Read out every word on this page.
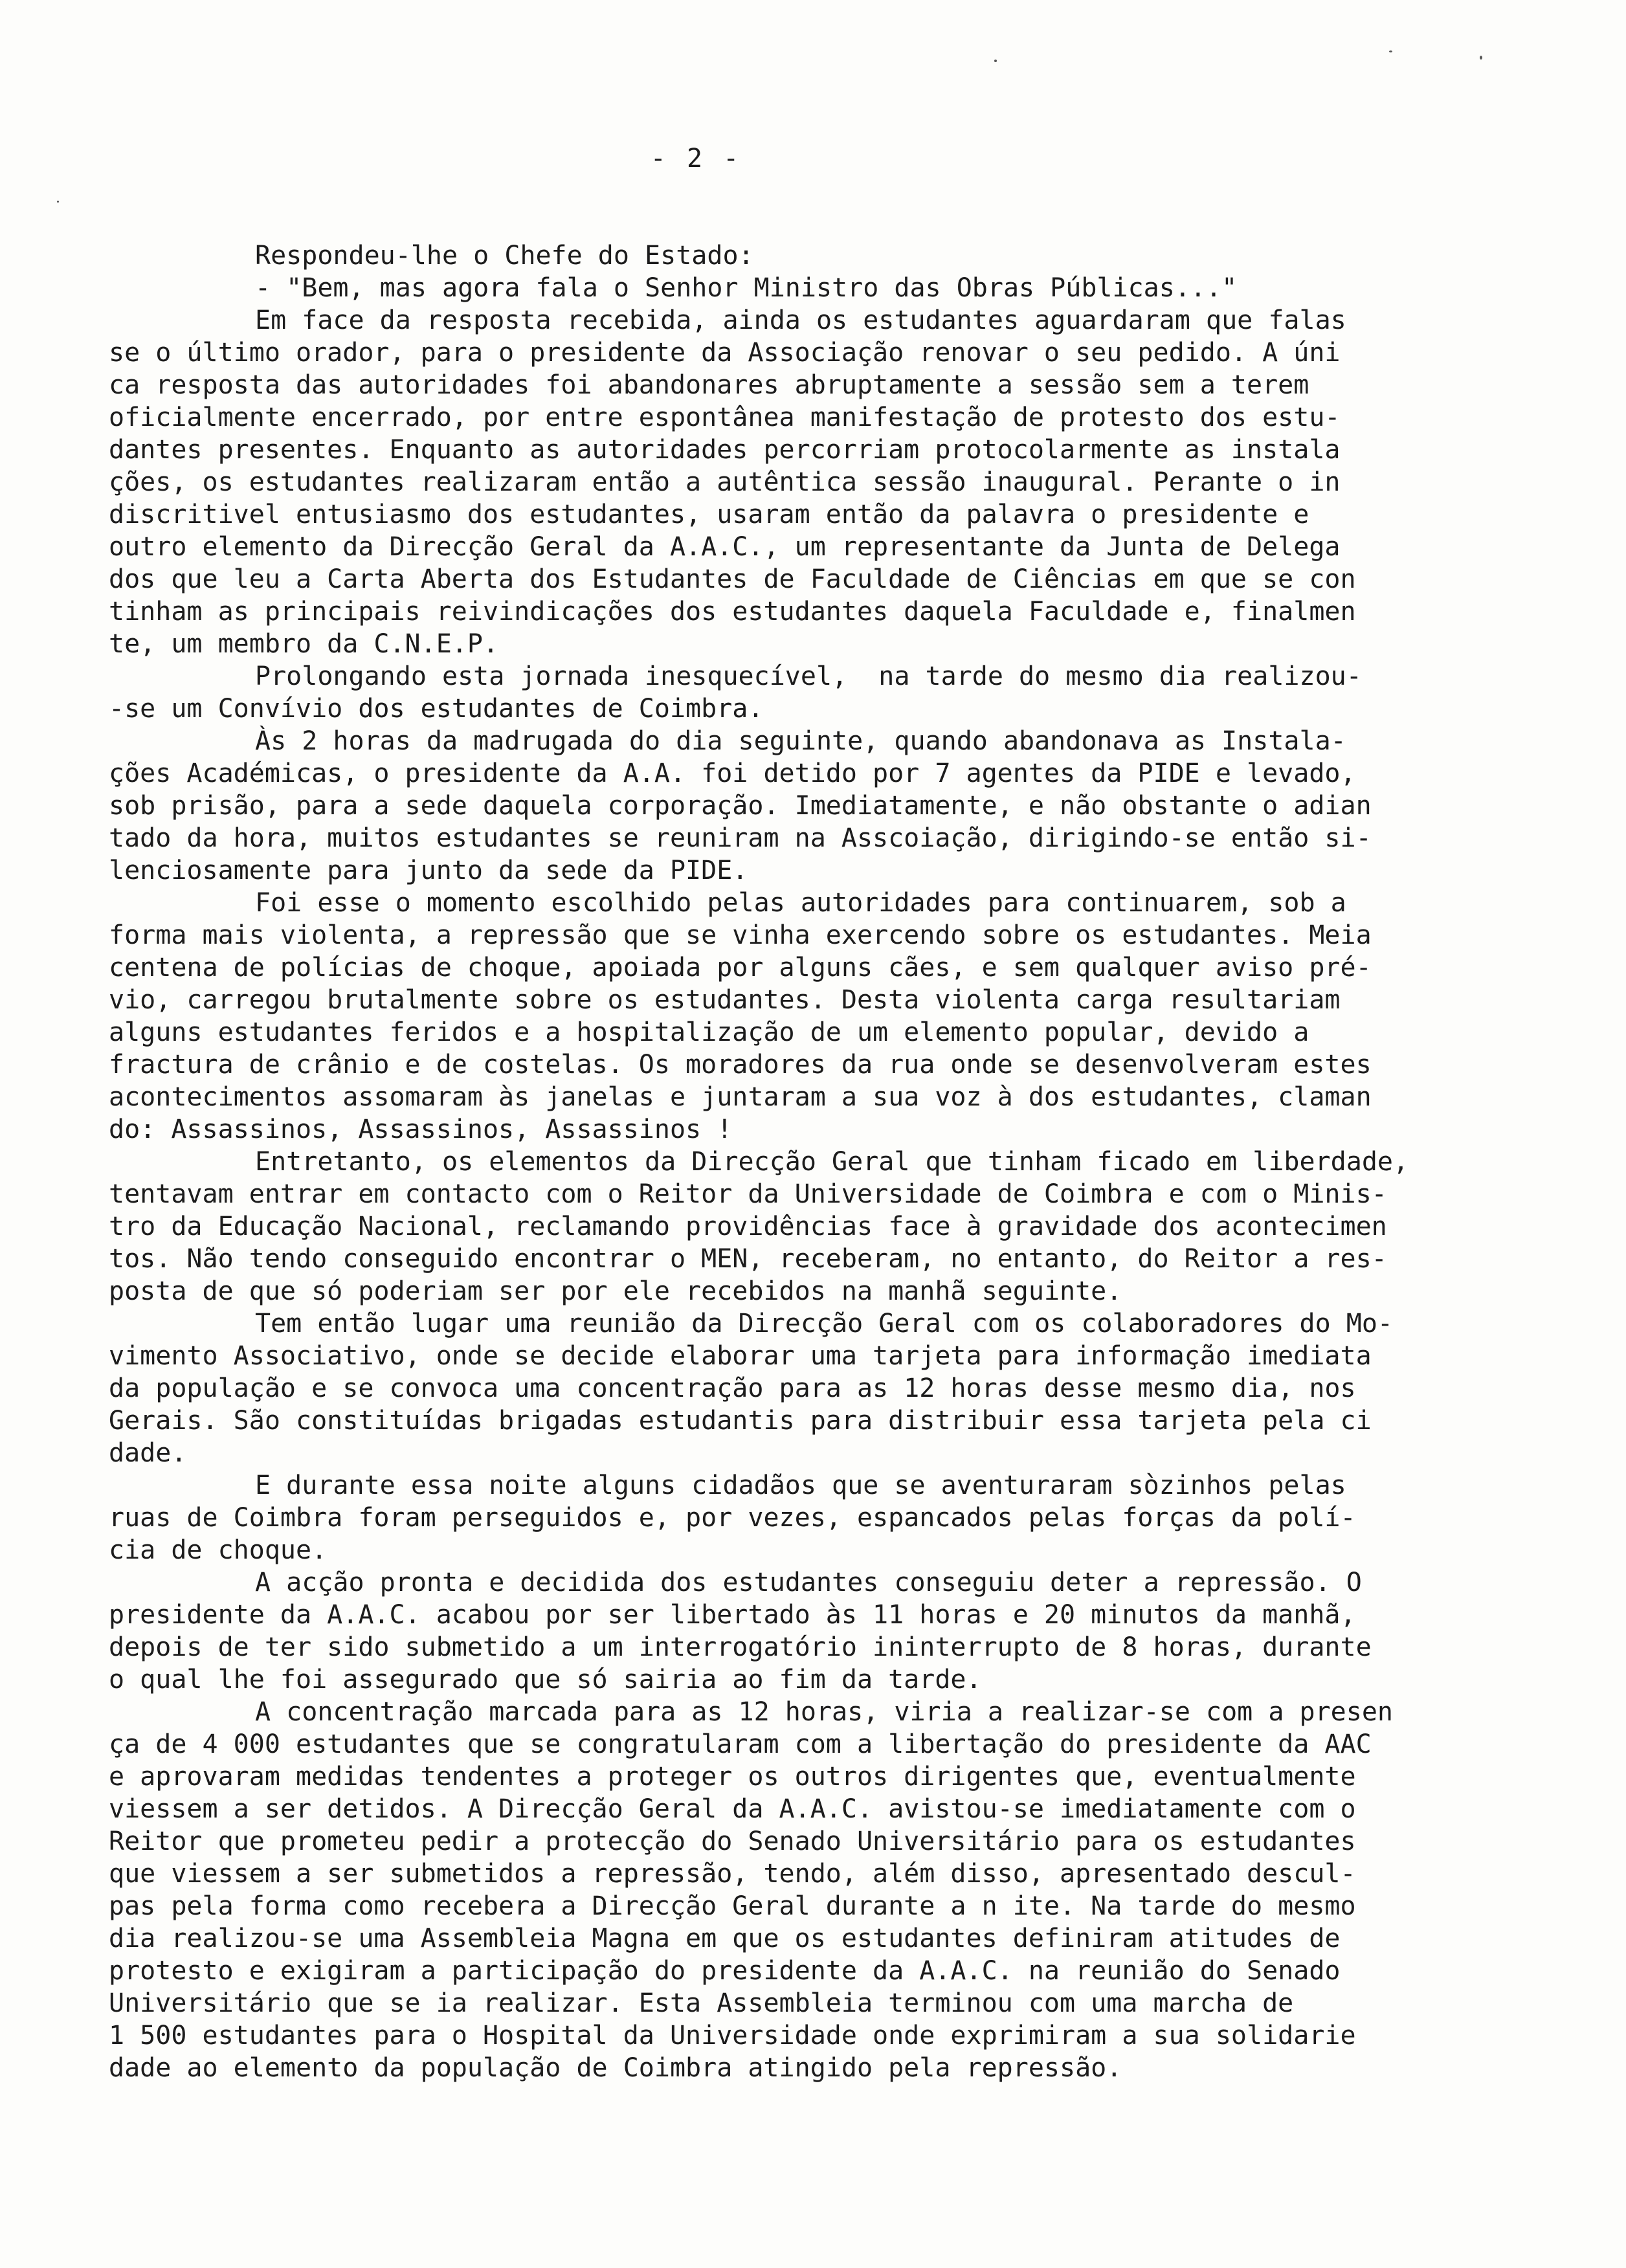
- 2 -
Respondeu-lhe o Chefe do Estado:
- "Bem, mas agora fala o Senhor Ministro das Obras Públicas..."
Em face da resposta recebida, ainda os estudantes aguardaram que falas
se o último orador, para o presidente da Associação renovar o seu pedido. A úni
ca resposta das autoridades foi abandonares abruptamente a sessão sem a terem
oficialmente encerrado, por entre espontânea manifestação de protesto dos estu-
dantes presentes. Enquanto as autoridades percorriam protocolarmente as instala
ções, os estudantes realizaram então a autêntica sessão inaugural. Perante o in
discritivel entusiasmo dos estudantes, usaram então da palavra o presidente e
outro elemento da Direcção Geral da A.A.C., um representante da Junta de Delega
dos que leu a Carta Aberta dos Estudantes de Faculdade de Ciências em que se con
tinham as principais reivindicações dos estudantes daquela Faculdade e, finalmen
te, um membro da C.N.E.P.
Prolongando esta jornada inesquecível,  na tarde do mesmo dia realizou-
-se um Convívio dos estudantes de Coimbra.
Às 2 horas da madrugada do dia seguinte, quando abandonava as Instala-
ções Académicas, o presidente da A.A. foi detido por 7 agentes da PIDE e levado,
sob prisão, para a sede daquela corporação. Imediatamente, e não obstante o adian
tado da hora, muitos estudantes se reuniram na Asscoiação, dirigindo-se então si-
lenciosamente para junto da sede da PIDE.
Foi esse o momento escolhido pelas autoridades para continuarem, sob a
forma mais violenta, a repressão que se vinha exercendo sobre os estudantes. Meia
centena de polícias de choque, apoiada por alguns cães, e sem qualquer aviso pré-
vio, carregou brutalmente sobre os estudantes. Desta violenta carga resultariam
alguns estudantes feridos e a hospitalização de um elemento popular, devido a
fractura de crânio e de costelas. Os moradores da rua onde se desenvolveram estes
acontecimentos assomaram às janelas e juntaram a sua voz à dos estudantes, claman
do: Assassinos, Assassinos, Assassinos !
Entretanto, os elementos da Direcção Geral que tinham ficado em liberdade,
tentavam entrar em contacto com o Reitor da Universidade de Coimbra e com o Minis-
tro da Educação Nacional, reclamando providências face à gravidade dos acontecimen
tos. Não tendo conseguido encontrar o MEN, receberam, no entanto, do Reitor a res-
posta de que só poderiam ser por ele recebidos na manhã seguinte.
Tem então lugar uma reunião da Direcção Geral com os colaboradores do Mo-
vimento Associativo, onde se decide elaborar uma tarjeta para informação imediata
da população e se convoca uma concentração para as 12 horas desse mesmo dia, nos
Gerais. São constituídas brigadas estudantis para distribuir essa tarjeta pela ci
dade.
E durante essa noite alguns cidadãos que se aventuraram sòzinhos pelas
ruas de Coimbra foram perseguidos e, por vezes, espancados pelas forças da polí-
cia de choque.
A acção pronta e decidida dos estudantes conseguiu deter a repressão. O
presidente da A.A.C. acabou por ser libertado às 11 horas e 20 minutos da manhã,
depois de ter sido submetido a um interrogatório ininterrupto de 8 horas, durante
o qual lhe foi assegurado que só sairia ao fim da tarde.
A concentração marcada para as 12 horas, viria a realizar-se com a presen
ça de 4 000 estudantes que se congratularam com a libertação do presidente da AAC
e aprovaram medidas tendentes a proteger os outros dirigentes que, eventualmente
viessem a ser detidos. A Direcção Geral da A.A.C. avistou-se imediatamente com o
Reitor que prometeu pedir a protecção do Senado Universitário para os estudantes
que viessem a ser submetidos a repressão, tendo, além disso, apresentado descul-
pas pela forma como recebera a Direcção Geral durante a n ite. Na tarde do mesmo
dia realizou-se uma Assembleia Magna em que os estudantes definiram atitudes de
protesto e exigiram a participação do presidente da A.A.C. na reunião do Senado
Universitário que se ia realizar. Esta Assembleia terminou com uma marcha de
1 500 estudantes para o Hospital da Universidade onde exprimiram a sua solidarie
dade ao elemento da população de Coimbra atingido pela repressão.
